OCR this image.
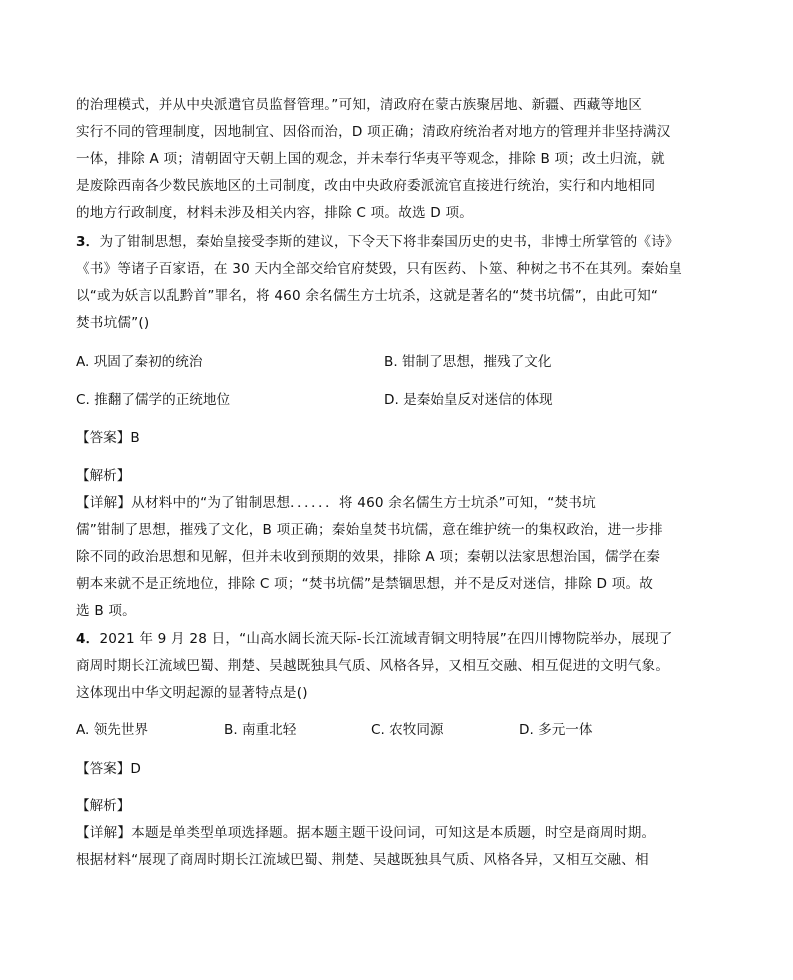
的治理模式，并从中央派遣官员监督管理。”可知，清政府在蒙古族聚居地、新疆、西藏等地区
实行不同的管理制度，因地制宜、因俗而治，D 项正确；清政府统治者对地方的管理并非坚持满汉
一体，排除 A 项；清朝固守天朝上国的观念，并未奉行华夷平等观念，排除 B 项；改土归流，就
是废除西南各少数民族地区的土司制度，改由中央政府委派流官直接进行统治，实行和内地相同
的地方行政制度，材料未涉及相关内容，排除 C 项。故选 D 项。
3．为了钳制思想，秦始皇接受李斯的建议，下令天下将非秦国历史的史书，非博士所掌管的《诗》
《书》等诸子百家语，在 30 天内全部交给官府焚毁，只有医药、卜筮、种树之书不在其列。秦始皇
以“或为妖言以乱黔首”罪名，将 460 余名儒生方士坑杀，这就是著名的“焚书坑儒”，由此可知“
焚书坑儒”()
A. 巩固了秦初的统治	B. 钳制了思想，摧残了文化
C. 推翻了儒学的正统地位	D. 是秦始皇反对迷信的体现
【答案】B
【解析】
【详解】从材料中的“为了钳制思想．．．．．．将 460 余名儒生方士坑杀”可知，“焚书坑
儒”钳制了思想，摧残了文化，B 项正确；秦始皇焚书坑儒，意在维护统一的集权政治，进一步排
除不同的政治思想和见解，但并未收到预期的效果，排除 A 项；秦朝以法家思想治国，儒学在秦
朝本来就不是正统地位，排除 C 项；“焚书坑儒”是禁锢思想，并不是反对迷信，排除 D 项。故
选 B 项。
4．2021 年 9 月 28 日，“山高水阔长流天际-长江流域青铜文明特展”在四川博物院举办，展现了
商周时期长江流域巴蜀、荆楚、吴越既独具气质、风格各异，又相互交融、相互促进的文明气象。
这体现出中华文明起源的显著特点是()
A. 领先世界	B. 南重北轻	C. 农牧同源	D. 多元一体
【答案】D
【解析】
【详解】本题是单类型单项选择题。据本题主题干设问词，可知这是本质题，时空是商周时期。
根据材料“展现了商周时期长江流域巴蜀、荆楚、吴越既独具气质、风格各异，又相互交融、相
